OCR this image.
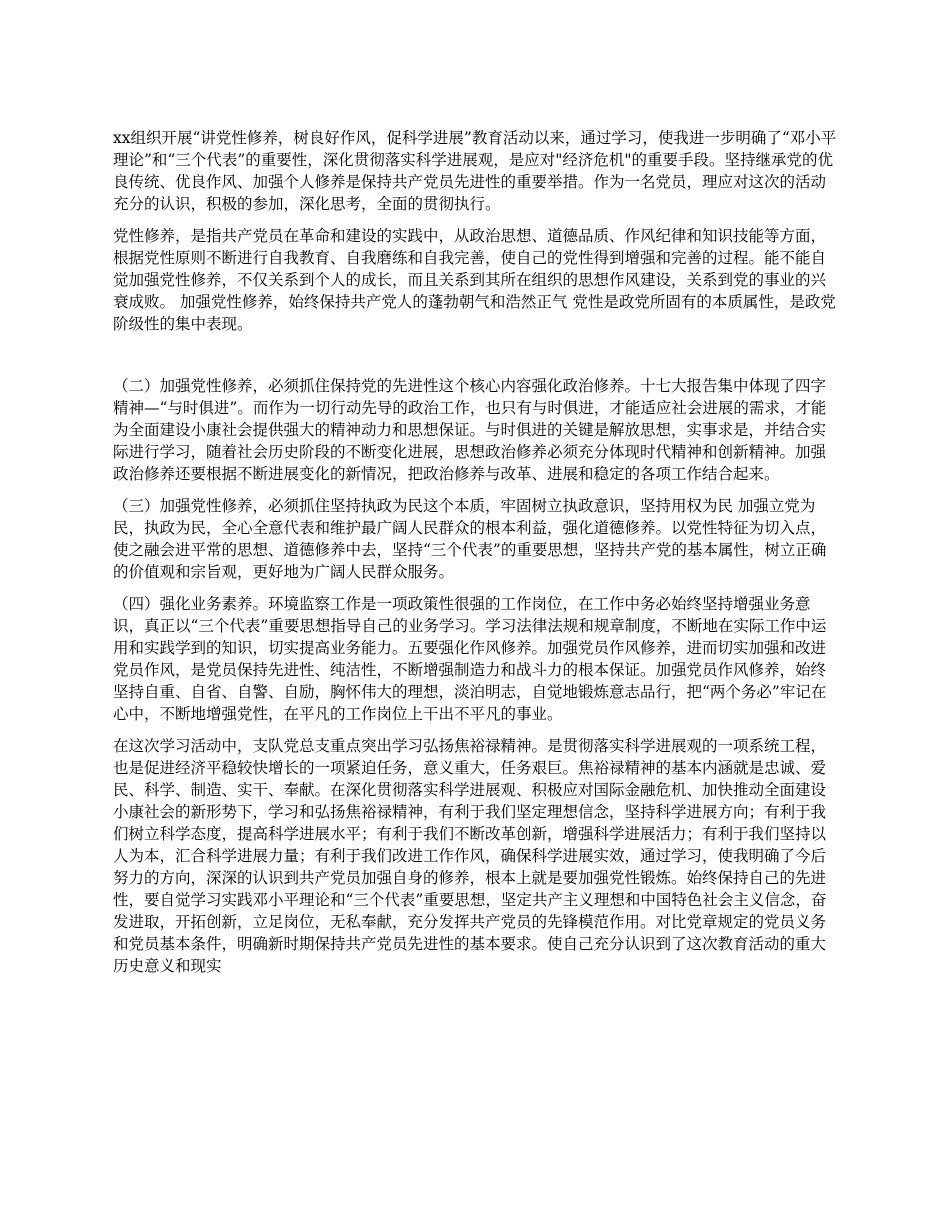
xx组织开展“讲党性修养，树良好作风，促科学进展”教育活动以来，通过学习，使我进一步明确了“邓小平理论”和“三个代表”的重要性，深化贯彻落实科学进展观，是应对"经济危机"的重要手段。坚持继承党的优良传统、优良作风、加强个人修养是保持共产党员先进性的重要举措。作为一名党员，理应对这次的活动充分的认识，积极的参加，深化思考，全面的贯彻执行。

党性修养，是指共产党员在革命和建设的实践中，从政治思想、道德品质、作风纪律和知识技能等方面，根据党性原则不断进行自我教育、自我磨练和自我完善，使自己的党性得到增强和完善的过程。能不能自觉加强党性修养，不仅关系到个人的成长，而且关系到其所在组织的思想作风建设，关系到党的事业的兴衰成败。 加强党性修养，始终保持共产党人的蓬勃朝气和浩然正气 党性是政党所固有的本质属性，是政党阶级性的集中表现。

（二）加强党性修养，必须抓住保持党的先进性这个核心内容强化政治修养。十七大报告集中体现了四字精神—“与时俱进”。而作为一切行动先导的政治工作，也只有与时俱进，才能适应社会进展的需求，才能为全面建设小康社会提供强大的精神动力和思想保证。与时俱进的关键是解放思想，实事求是，并结合实际进行学习，随着社会历史阶段的不断变化进展，思想政治修养必须充分体现时代精神和创新精神。加强政治修养还要根据不断进展变化的新情况，把政治修养与改革、进展和稳定的各项工作结合起来。

（三）加强党性修养，必须抓住坚持执政为民这个本质，牢固树立执政意识，坚持用权为民 加强立党为民，执政为民，全心全意代表和维护最广阔人民群众的根本利益，强化道德修养。以党性特征为切入点，使之融会进平常的思想、道德修养中去，坚持“三个代表”的重要思想，坚持共产党的基本属性，树立正确的价值观和宗旨观，更好地为广阔人民群众服务。

（四）强化业务素养。环境监察工作是一项政策性很强的工作岗位，在工作中务必始终坚持增强业务意识，真正以“三个代表”重要思想指导自己的业务学习。学习法律法规和规章制度，不断地在实际工作中运用和实践学到的知识，切实提高业务能力。五要强化作风修养。加强党员作风修养，进而切实加强和改进党员作风，是党员保持先进性、纯洁性，不断增强制造力和战斗力的根本保证。加强党员作风修养，始终坚持自重、自省、自警、自励，胸怀伟大的理想，淡泊明志，自觉地锻炼意志品行，把“两个务必”牢记在心中，不断地增强党性，在平凡的工作岗位上干出不平凡的事业。

在这次学习活动中，支队党总支重点突出学习弘扬焦裕禄精神。是贯彻落实科学进展观的一项系统工程，也是促进经济平稳较快增长的一项紧迫任务，意义重大，任务艰巨。焦裕禄精神的基本内涵就是忠诚、爱民、科学、制造、实干、奉献。在深化贯彻落实科学进展观、积极应对国际金融危机、加快推动全面建设小康社会的新形势下，学习和弘扬焦裕禄精神，有利于我们坚定理想信念，坚持科学进展方向；有利于我们树立科学态度，提高科学进展水平；有利于我们不断改革创新，增强科学进展活力；有利于我们坚持以人为本，汇合科学进展力量；有利于我们改进工作作风，确保科学进展实效，通过学习，使我明确了今后努力的方向，深深的认识到共产党员加强自身的修养，根本上就是要加强党性锻炼。始终保持自己的先进性，要自觉学习实践邓小平理论和“三个代表”重要思想，坚定共产主义理想和中国特色社会主义信念，奋发进取，开拓创新，立足岗位，无私奉献，充分发挥共产党员的先锋模范作用。对比党章规定的党员义务和党员基本条件，明确新时期保持共产党员先进性的基本要求。使自己充分认识到了这次教育活动的重大历史意义和现实
